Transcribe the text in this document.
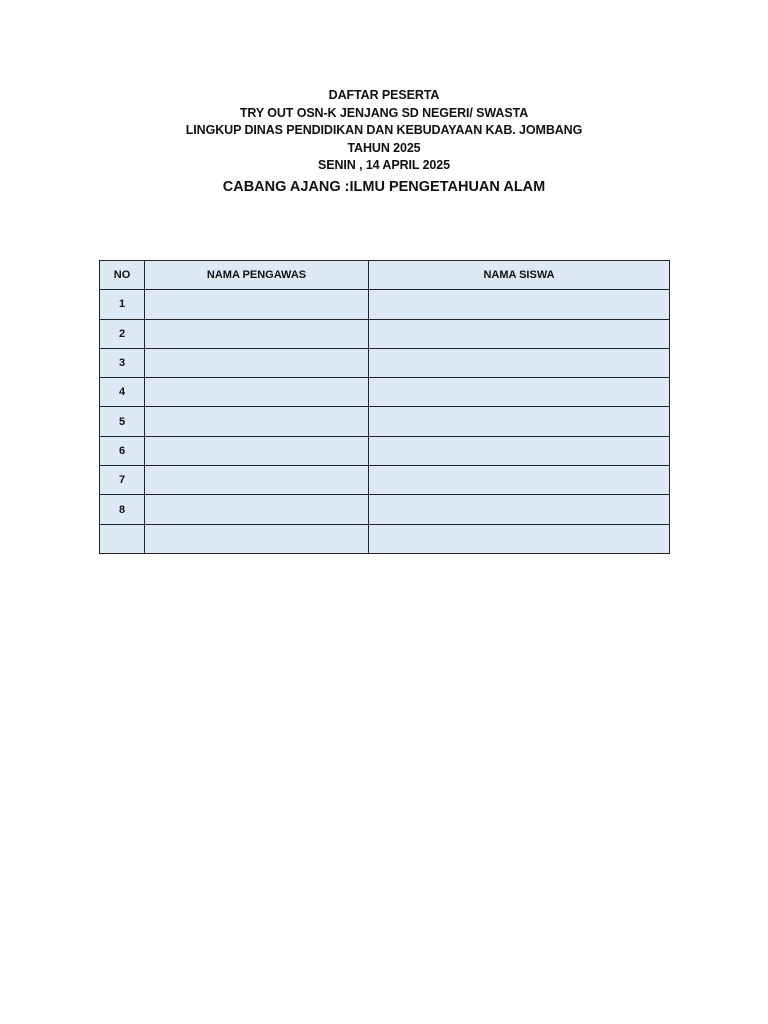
DAFTAR PESERTA
TRY OUT OSN-K JENJANG SD NEGERI/ SWASTA
LINGKUP DINAS PENDIDIKAN DAN KEBUDAYAAN KAB. JOMBANG
TAHUN 2025
SENIN , 14 APRIL 2025
CABANG AJANG :ILMU PENGETAHUAN ALAM
NO	NAMA PENGAWAS	NAMA SISWA
1		
2		
3		
4		
5		
6		
7		
8		
